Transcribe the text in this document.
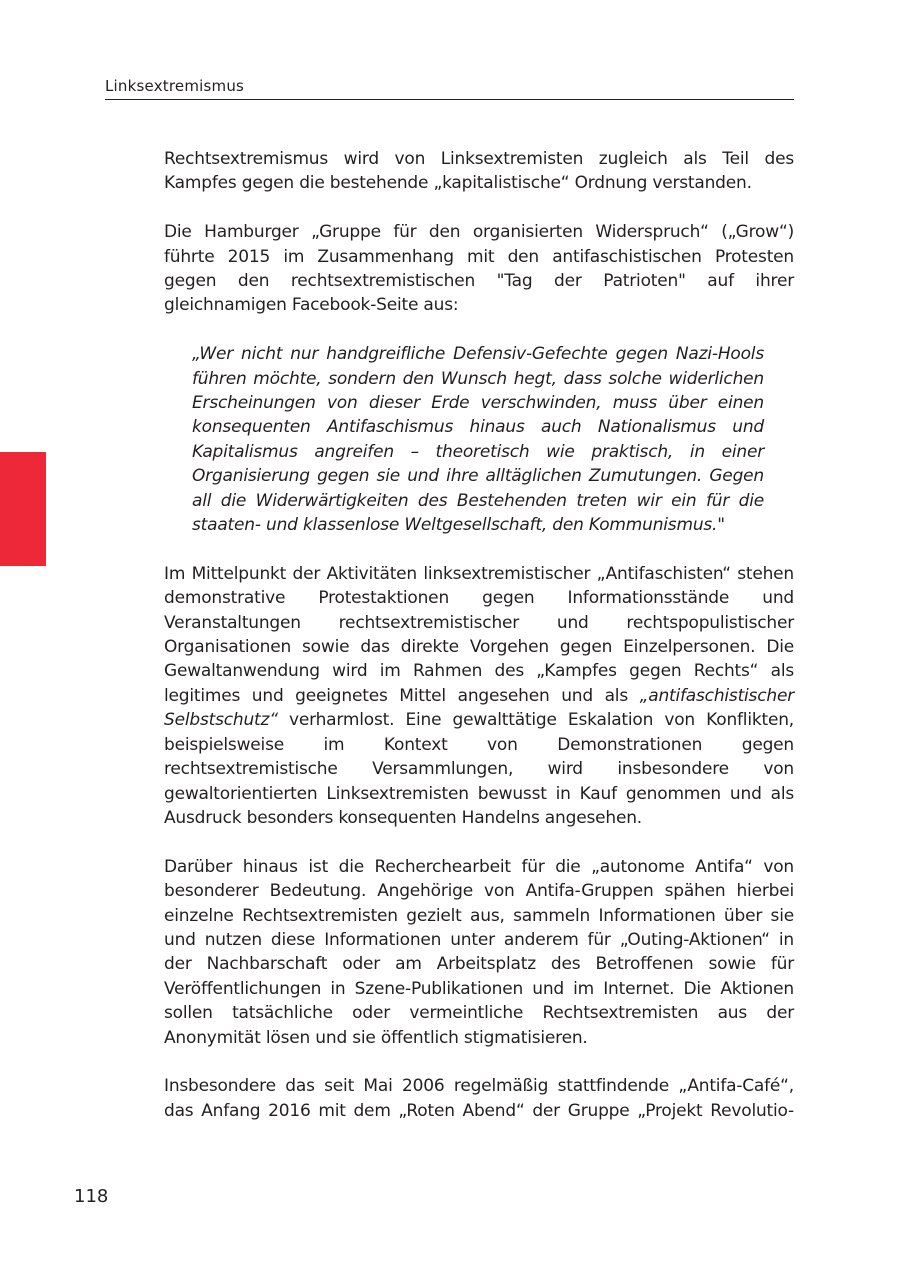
Linksextremismus

Rechtsextremismus wird von Linksextremisten zugleich als Teil des Kampfes gegen die bestehende „kapitalistische“ Ordnung verstanden.

Die Hamburger „Gruppe für den organisierten Widerspruch“ („Grow“) führte 2015 im Zusammenhang mit den antifaschistischen Protesten gegen den rechtsextremistischen "Tag der Patrioten" auf ihrer gleichnamigen Facebook-Seite aus:

„Wer nicht nur handgreifliche Defensiv-Gefechte gegen Nazi-Hools führen möchte, sondern den Wunsch hegt, dass solche widerlichen Erscheinungen von dieser Erde verschwinden, muss über einen konsequenten Antifaschismus hinaus auch Nationalismus und Kapitalismus angreifen – theoretisch wie praktisch, in einer Organisierung gegen sie und ihre alltäglichen Zumutungen. Gegen all die Widerwärtigkeiten des Bestehenden treten wir ein für die staaten- und klassenlose Weltgesellschaft, den Kommunismus."

Im Mittelpunkt der Aktivitäten linksextremistischer „Antifaschisten“ stehen demonstrative Protestaktionen gegen Informationsstände und Veranstaltungen rechtsextremistischer und rechtspopulistischer Organisationen sowie das direkte Vorgehen gegen Einzelpersonen. Die Gewaltanwendung wird im Rahmen des „Kampfes gegen Rechts“ als legitimes und geeignetes Mittel angesehen und als „antifaschistischer Selbstschutz“ verharmlost. Eine gewalttätige Eskalation von Konflikten, beispielsweise im Kontext von Demonstrationen gegen rechtsextremistische Versammlungen, wird insbesondere von gewaltorientierten Linksextremisten bewusst in Kauf genommen und als Ausdruck besonders konsequenten Handelns angesehen.

Darüber hinaus ist die Recherchearbeit für die „autonome Antifa“ von besonderer Bedeutung. Angehörige von Antifa-Gruppen spähen hierbei einzelne Rechtsextremisten gezielt aus, sammeln Informationen über sie und nutzen diese Informationen unter anderem für „Outing-Aktionen“ in der Nachbarschaft oder am Arbeitsplatz des Betroffenen sowie für Veröffentlichungen in Szene-Publikationen und im Internet. Die Aktionen sollen tatsächliche oder vermeintliche Rechtsextremisten aus der Anonymität lösen und sie öffentlich stigmatisieren.

Insbesondere das seit Mai 2006 regelmäßig stattfindende „Antifa-Café“, das Anfang 2016 mit dem „Roten Abend“ der Gruppe „Projekt Revolutio-

118
